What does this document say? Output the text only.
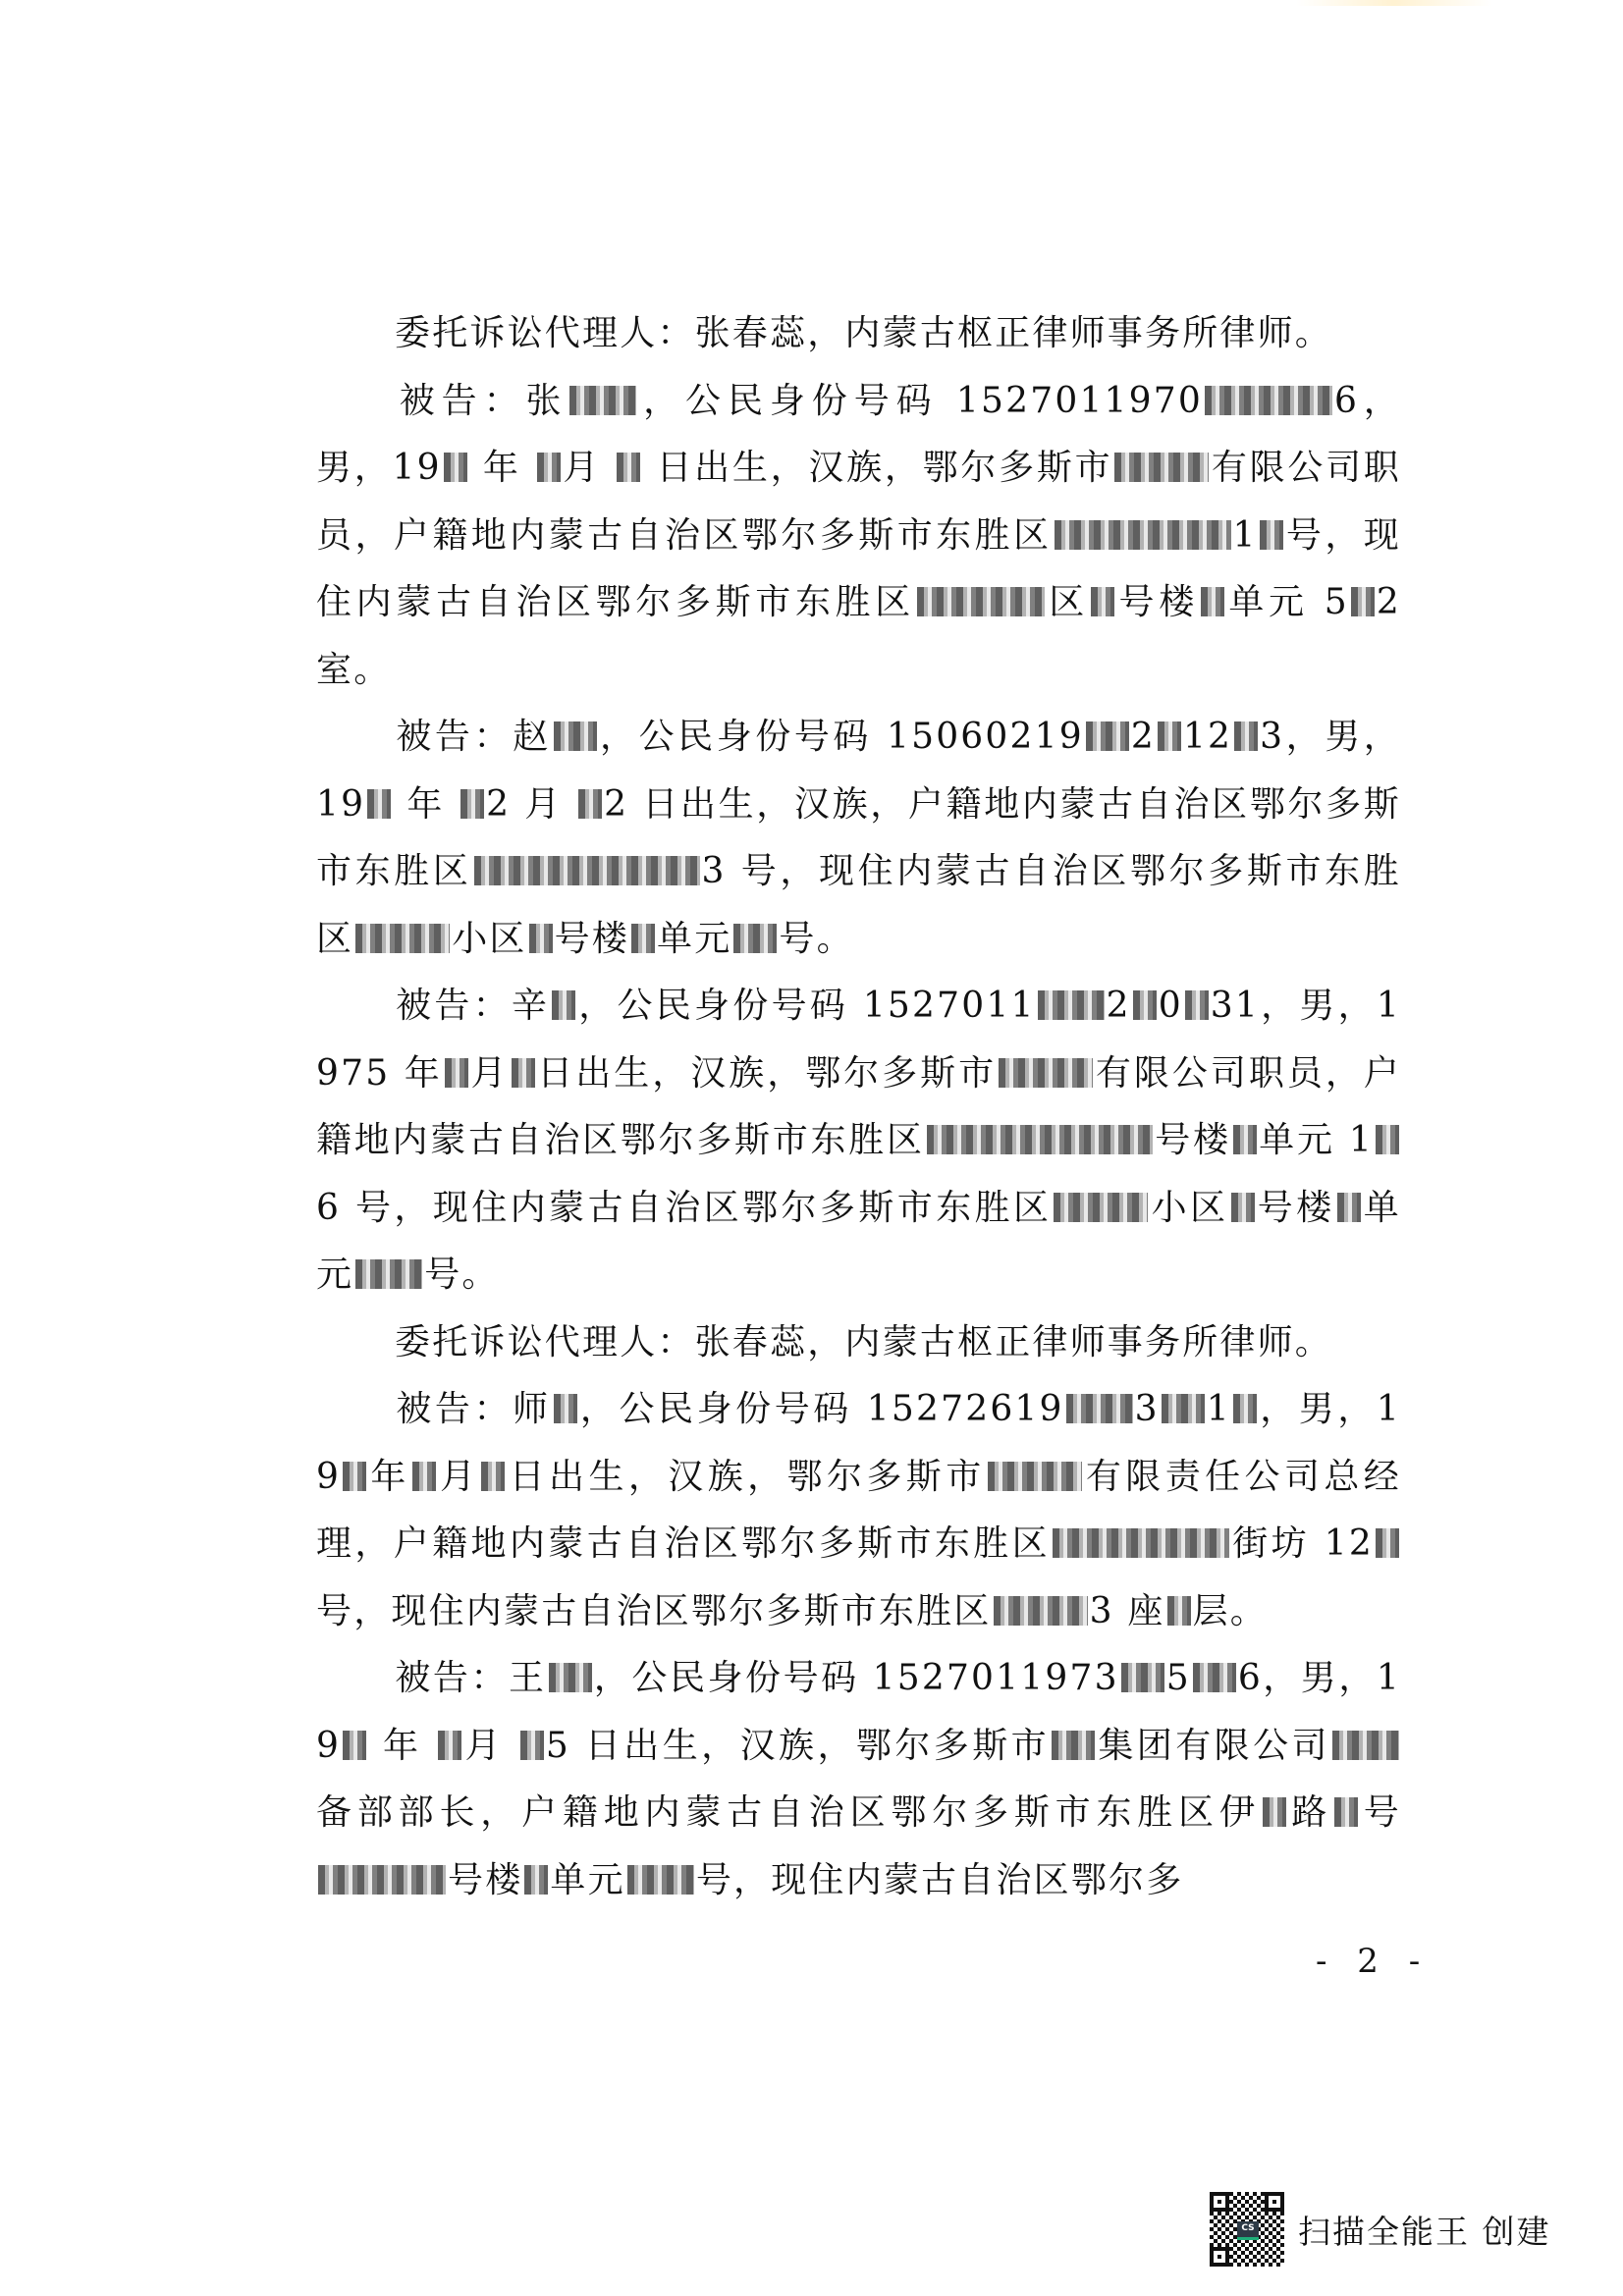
委托诉讼代理人：张春蕊，内蒙古枢正律师事务所律师。

被告：张 ，公民身份号码 1527011970	6，男，19 年 月  日出生，汉族，鄂尔多斯市	有限公司职员，户籍地内蒙古自治区鄂尔多斯市东胜区	1 号，现住内蒙古自治区鄂尔多斯市东胜区	区 号楼 单元 5 2 室。

被告：赵 ，公民身份号码 15060219 2 12 3，男，19 年 2 月 2 日出生，汉族，户籍地内蒙古自治区鄂尔多斯市东胜区	3 号，现住内蒙古自治区鄂尔多斯市东胜区	小区 号楼 单元 号。

被告：辛 ，公民身份号码 1527011 2 0 31，男，1975 年 月 日出生，汉族，鄂尔多斯市	有限公司职员，户籍地内蒙古自治区鄂尔多斯市东胜区	号楼 单元 16 号，现住内蒙古自治区鄂尔多斯市东胜区	小区 号楼 单元 号。

委托诉讼代理人：张春蕊，内蒙古枢正律师事务所律师。

被告：师 ，公民身份号码 15272619 3 1 ，男，19 年 月 日出生，汉族，鄂尔多斯市	有限责任公司总经理，户籍地内蒙古自治区鄂尔多斯市东胜区	街坊 12号，现住内蒙古自治区鄂尔多斯市东胜区	3 座 层。

被告：王 ，公民身份号码 1527011973 5 6，男，19 年 月 5 日出生，汉族，鄂尔多斯市 集团有限公司备部部长，户籍地内蒙古自治区鄂尔多斯市东胜区伊 路 号号楼 单元 号，现住内蒙古自治区鄂尔多

- 2 -
CS 扫描全能王 创建
